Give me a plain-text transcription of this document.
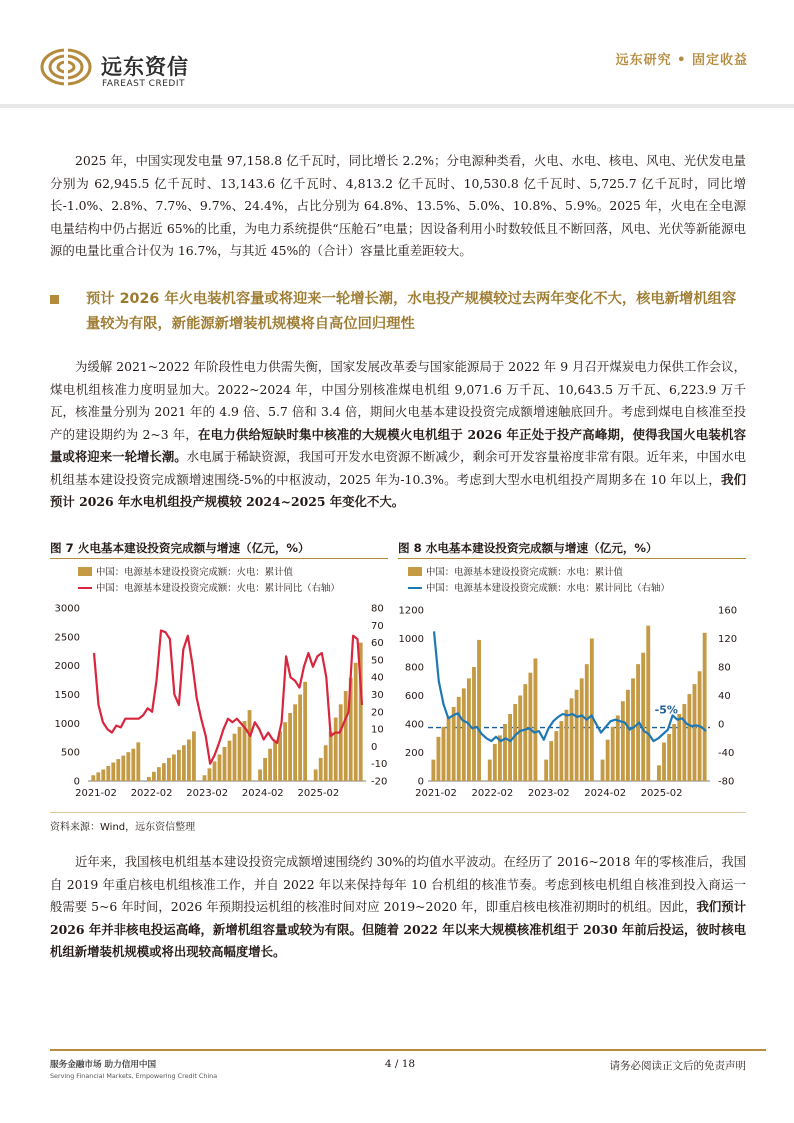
远东资信
FAREAST CREDIT
远东研究 • 固定收益

2025 年，中国实现发电量 97,158.8 亿千瓦时，同比增长 2.2%；分电源种类看，火电、水电、核电、风电、光伏发电量分别为 62,945.5 亿千瓦时、13,143.6 亿千瓦时、4,813.2 亿千瓦时、10,530.8 亿千瓦时、5,725.7 亿千瓦时，同比增长-1.0%、2.8%、7.7%、9.7%、24.4%，占比分别为 64.8%、13.5%、5.0%、10.8%、5.9%。2025 年，火电在全电源电量结构中仍占据近 65%的比重，为电力系统提供“压舱石”电量；因设备利用小时数较低且不断回落，风电、光伏等新能源电源的电量比重合计仅为 16.7%，与其近 45%的（合计）容量比重差距较大。

预计 2026 年火电装机容量或将迎来一轮增长潮，水电投产规模较过去两年变化不大，核电新增机组容量较为有限，新能源新增装机规模将自高位回归理性

为缓解 2021~2022 年阶段性电力供需失衡，国家发展改革委与国家能源局于 2022 年 9 月召开煤炭电力保供工作会议，煤电机组核准力度明显加大。2022~2024 年，中国分别核准煤电机组 9,071.6 万千瓦、10,643.5 万千瓦、6,223.9 万千瓦，核准量分别为 2021 年的 4.9 倍、5.7 倍和 3.4 倍，期间火电基本建设投资完成额增速触底回升。考虑到煤电自核准至投产的建设期约为 2~3 年，在电力供给短缺时集中核准的大规模火电机组于 2026 年正处于投产高峰期，使得我国火电装机容量或将迎来一轮增长潮。水电属于稀缺资源，我国可开发水电资源不断减少，剩余可开发容量裕度非常有限。近年来，中国水电机组基本建设投资完成额增速围绕-5%的中枢波动，2025 年为-10.3%。考虑到大型水电机组投产周期多在 10 年以上，我们预计 2026 年水电机组投产规模较 2024~2025 年变化不大。

图 7 火电基本建设投资完成额与增速（亿元，%）	图 8 水电基本建设投资完成额与增速（亿元，%）
中国：电源基本建设投资完成额：火电：累计值
中国：电源基本建设投资完成额：火电：累计同比（右轴）
0
500
1000
1500
2000
2500
3000
-20
-10
0
10
20
30
40
50
60
70
80
2021-02 2022-02 2023-02 2024-02 2025-02
中国：电源基本建设投资完成额：水电：累计值
中国：电源基本建设投资完成额：水电：累计同比（右轴）
0
200
400
600
800
1000
1200
-80
-40
0
40
80
120
160
2021-02 2022-02 2023-02 2024-02 2025-02
-5%
资料来源：Wind，远东资信整理

近年来，我国核电机组基本建设投资完成额增速围绕约 30%的均值水平波动。在经历了 2016~2018 年的零核准后，我国自 2019 年重启核电机组核准工作，并自 2022 年以来保持每年 10 台机组的核准节奏。考虑到核电机组自核准到投入商运一般需要 5~6 年时间，2026 年预期投运机组的核准时间对应 2019~2020 年，即重启核电核准初期时的机组。因此，我们预计 2026 年并非核电投运高峰，新增机组容量或较为有限。但随着 2022 年以来大规模核准机组于 2030 年前后投运，彼时核电机组新增装机规模或将出现较高幅度增长。

服务金融市场 助力信用中国
Serving Financial Markets, Empowering Credit China
4 / 18	请务必阅读正文后的免责声明
